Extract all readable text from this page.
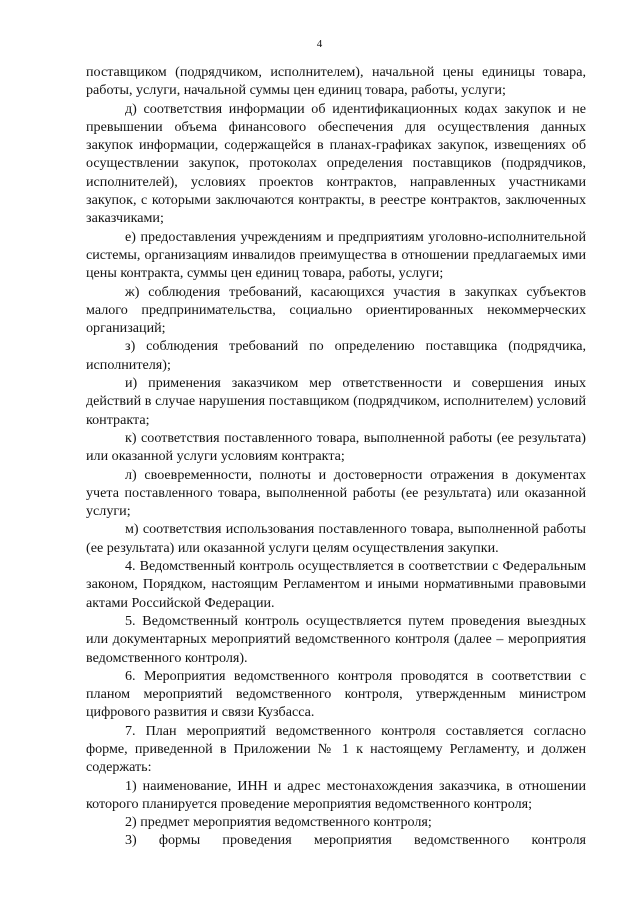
4

поставщиком (подрядчиком, исполнителем), начальной цены единицы товара, работы, услуги, начальной суммы цен единиц товара, работы, услуги;

д) соответствия информации об идентификационных кодах закупок и не превышении объема финансового обеспечения для осуществления данных закупок информации, содержащейся в планах-графиках закупок, извещениях об осуществлении закупок, протоколах определения поставщиков (подрядчиков, исполнителей), условиях проектов контрактов, направленных участниками закупок, с которыми заключаются контракты, в реестре контрактов, заключенных заказчиками;

е) предоставления учреждениям и предприятиям уголовно-исполнительной системы, организациям инвалидов преимущества в отношении предлагаемых ими цены контракта, суммы цен единиц товара, работы, услуги;

ж) соблюдения требований, касающихся участия в закупках субъектов малого предпринимательства, социально ориентированных некоммерческих организаций;

з) соблюдения требований по определению поставщика (подрядчика, исполнителя);

и) применения заказчиком мер ответственности и совершения иных действий в случае нарушения поставщиком (подрядчиком, исполнителем) условий контракта;

к) соответствия поставленного товара, выполненной работы (ее результата) или оказанной услуги условиям контракта;

л) своевременности, полноты и достоверности отражения в документах учета поставленного товара, выполненной работы (ее результата) или оказанной услуги;

м) соответствия использования поставленного товара, выполненной работы (ее результата) или оказанной услуги целям осуществления закупки.

4. Ведомственный контроль осуществляется в соответствии с Федеральным законом, Порядком, настоящим Регламентом и иными нормативными правовыми актами Российской Федерации.

5. Ведомственный контроль осуществляется путем проведения выездных или документарных мероприятий ведомственного контроля (далее – мероприятия ведомственного контроля).

6. Мероприятия ведомственного контроля проводятся в соответствии с планом мероприятий ведомственного контроля, утвержденным министром цифрового развития и связи Кузбасса.

7. План мероприятий ведомственного контроля составляется согласно форме, приведенной в Приложении № 1 к настоящему Регламенту, и должен содержать:

1) наименование, ИНН и адрес местонахождения заказчика, в отношении которого планируется проведение мероприятия ведомственного контроля;

2) предмет мероприятия ведомственного контроля;

3) формы проведения мероприятия ведомственного контроля
